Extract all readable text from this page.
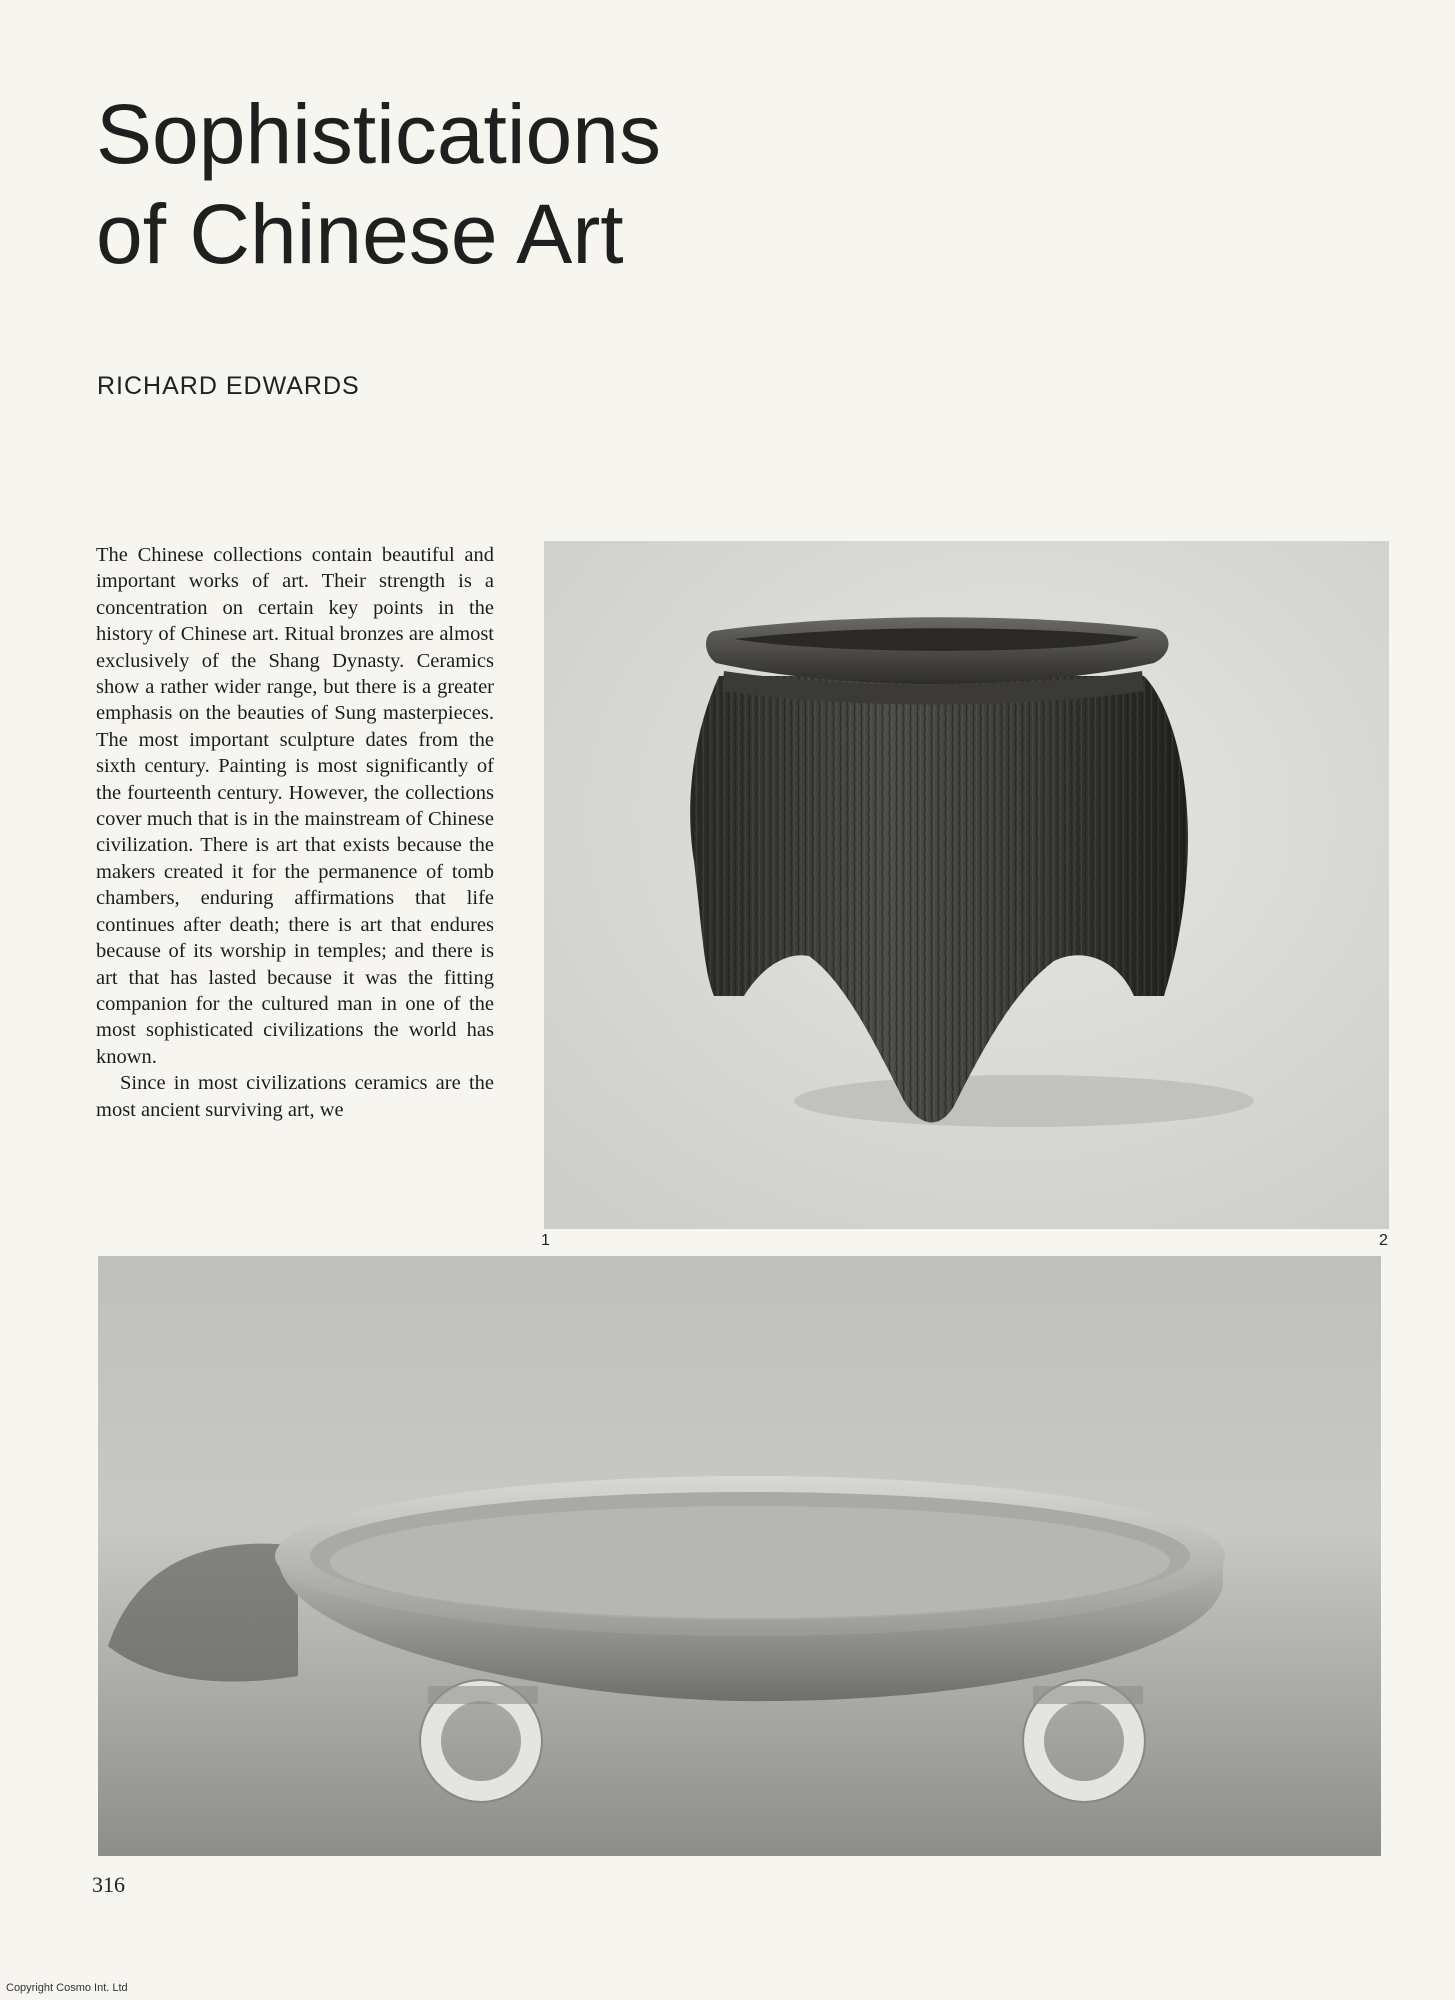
Sophistications
of Chinese Art
RICHARD EDWARDS

The Chinese collections contain beautiful and important works of art. Their strength is a concentration on certain key points in the history of Chinese art. Ritual bronzes are almost exclusively of the Shang Dynasty. Ceramics show a rather wider range, but there is a greater emphasis on the beauties of Sung masterpieces. The most important sculpture dates from the sixth century. Painting is most significantly of the fourteenth century. However, the collections cover much that is in the mainstream of Chinese civilization. There is art that exists because the makers created it for the permanence of tomb chambers, enduring affirmations that life continues after death; there is art that endures because of its worship in temples; and there is art that has lasted because it was the fitting companion for the cultured man in one of the most sophisticated civilizations the world has known.

Since in most civilizations ceramics are the most ancient surviving art, we

1	2
316
Copyright Cosmo Int. Ltd
